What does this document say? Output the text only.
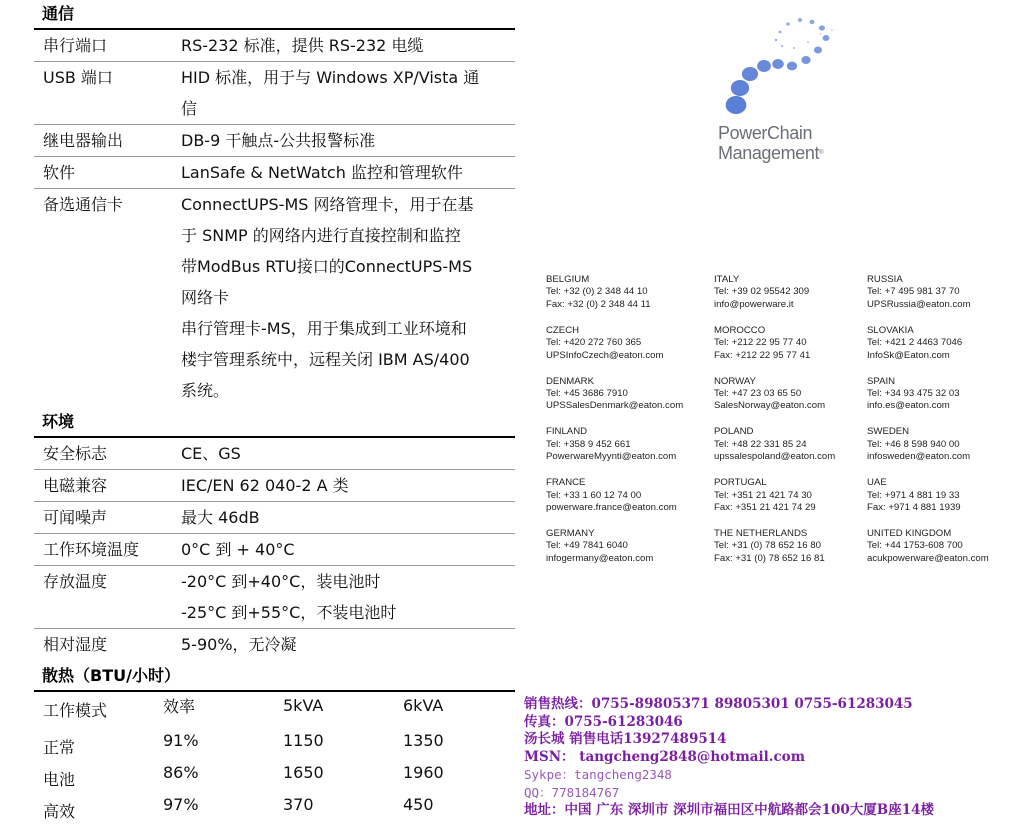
通信
串行端口	RS-232 标准，提供 RS-232 电缆
USB 端口	HID 标准，用于与 Windows XP/Vista 通
信
继电器输出	DB-9 干触点-公共报警标准
软件	LanSafe & NetWatch 监控和管理软件
备选通信卡	ConnectUPS-MS 网络管理卡，用于在基
于 SNMP 的网络内进行直接控制和监控
带ModBus RTU接口的ConnectUPS-MS
网络卡
串行管理卡-MS，用于集成到工业环境和
楼宇管理系统中，远程关闭 IBM AS/400
系统。
环境
安全标志	CE、GS
电磁兼容	IEC/EN 62 040-2 A 类
可闻噪声	最大 46dB
工作环境温度	0°C 到 + 40°C
存放温度	-20°C 到+40°C，装电池时
-25°C 到+55°C，不装电池时
相对湿度	5-90%，无冷凝
散热（BTU/小时）
工作模式	效率	5kVA	6kVA
正常	91%	1150	1350
电池	86%	1650	1960
高效	97%	370	450
PowerChain
Management®
BELGIUM
Tel: +32 (0) 2 348 44 10
Fax: +32 (0) 2 348 44 11
ITALY
Tel: +39 02 95542 309
info@powerware.it
RUSSIA
Tel: +7 495 981 37 70
UPSRussia@eaton.com
CZECH
Tel: +420 272 760 365
UPSInfoCzech@eaton.com
MOROCCO
Tel: +212 22 95 77 40
Fax: +212 22 95 77 41
SLOVAKIA
Tel: +421 2 4463 7046
InfoSk@Eaton.com
DENMARK
Tel: +45 3686 7910
UPSSalesDenmark@eaton.com
NORWAY
Tel: +47 23 03 65 50
SalesNorway@eaton.com
SPAIN
Tel: +34 93 475 32 03
info.es@eaton.com
FINLAND
Tel: +358 9 452 661
PowerwareMyynti@eaton.com
POLAND
Tel: +48 22 331 85 24
upssalespoland@eaton.com
SWEDEN
Tel: +46 8 598 940 00
infosweden@eaton.com
FRANCE
Tel: +33 1 60 12 74 00
powerware.france@eaton.com
PORTUGAL
Tel: +351 21 421 74 30
Fax: +351 21 421 74 29
UAE
Tel: +971 4 881 19 33
Fax: +971 4 881 1939
GERMANY
Tel: +49 7841 6040
infogermany@eaton.com
THE NETHERLANDS
Tel: +31 (0) 78 652 16 80
Fax: +31 (0) 78 652 16 81
UNITED KINGDOM
Tel: +44 1753-608 700
acukpowerware@eaton.com
销售热线：0755-89805371 89805301 0755-61283045
传真：0755-61283046
汤长城 销售电话13927489514
MSN： tangcheng2848@hotmail.com
Sykpe：tangcheng2348
QQ：778184767
地址：中国 广东 深圳市 深圳市福田区中航路都会100大厦B座14楼
